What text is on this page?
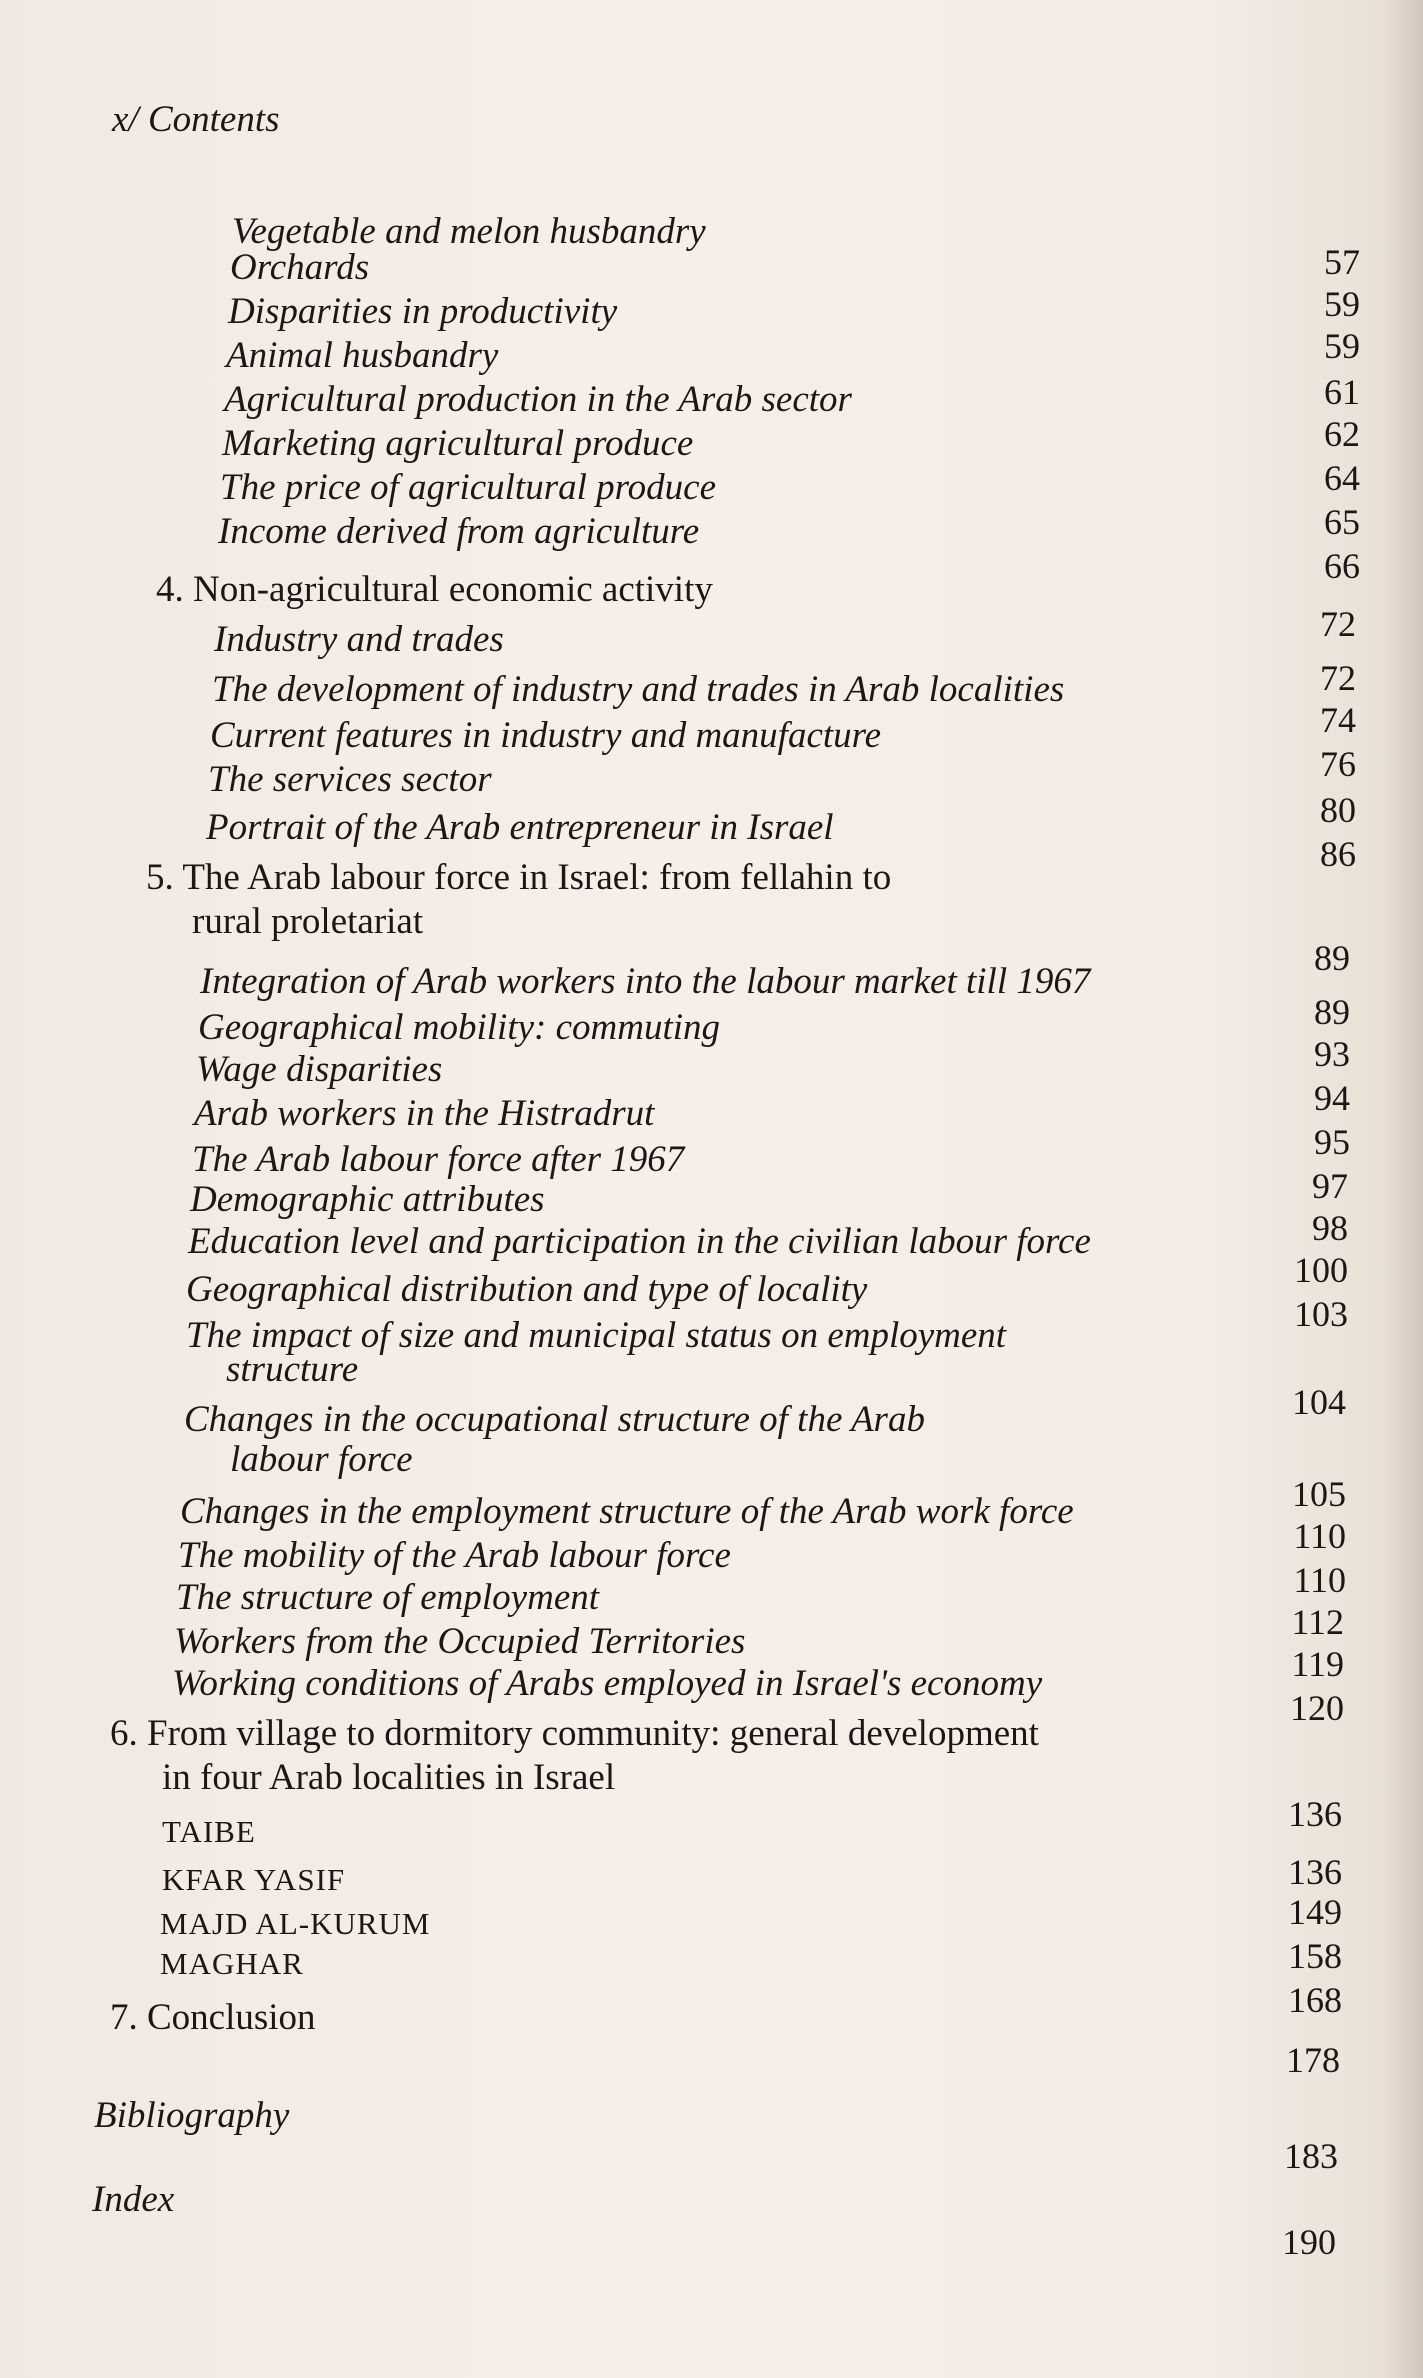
x/ Contents
Vegetable and melon husbandry
Orchards
Disparities in productivity
Animal husbandry
Agricultural production in the Arab sector
Marketing agricultural produce
The price of agricultural produce
Income derived from agriculture
4. Non-agricultural economic activity
Industry and trades
The development of industry and trades in Arab localities
Current features in industry and manufacture
The services sector
Portrait of the Arab entrepreneur in Israel
5. The Arab labour force in Israel: from fellahin to
rural proletariat
Integration of Arab workers into the labour market till 1967
Geographical mobility: commuting
Wage disparities
Arab workers in the Histradrut
The Arab labour force after 1967
Demographic attributes
Education level and participation in the civilian labour force
Geographical distribution and type of locality
The impact of size and municipal status on employment
structure
Changes in the occupational structure of the Arab
labour force
Changes in the employment structure of the Arab work force
The mobility of the Arab labour force
The structure of employment
Workers from the Occupied Territories
Working conditions of Arabs employed in Israel's economy
6. From village to dormitory community: general development
in four Arab localities in Israel
TAIBE
KFAR YASIF
MAJD AL-KURUM
MAGHAR
7. Conclusion
Bibliography
Index
57
59
59
61
62
64
65
66
72
72
74
76
80
86
89
89
93
94
95
97
98
100
103
104
105
110
110
112
119
120
136
136
149
158
168
178
183
190
